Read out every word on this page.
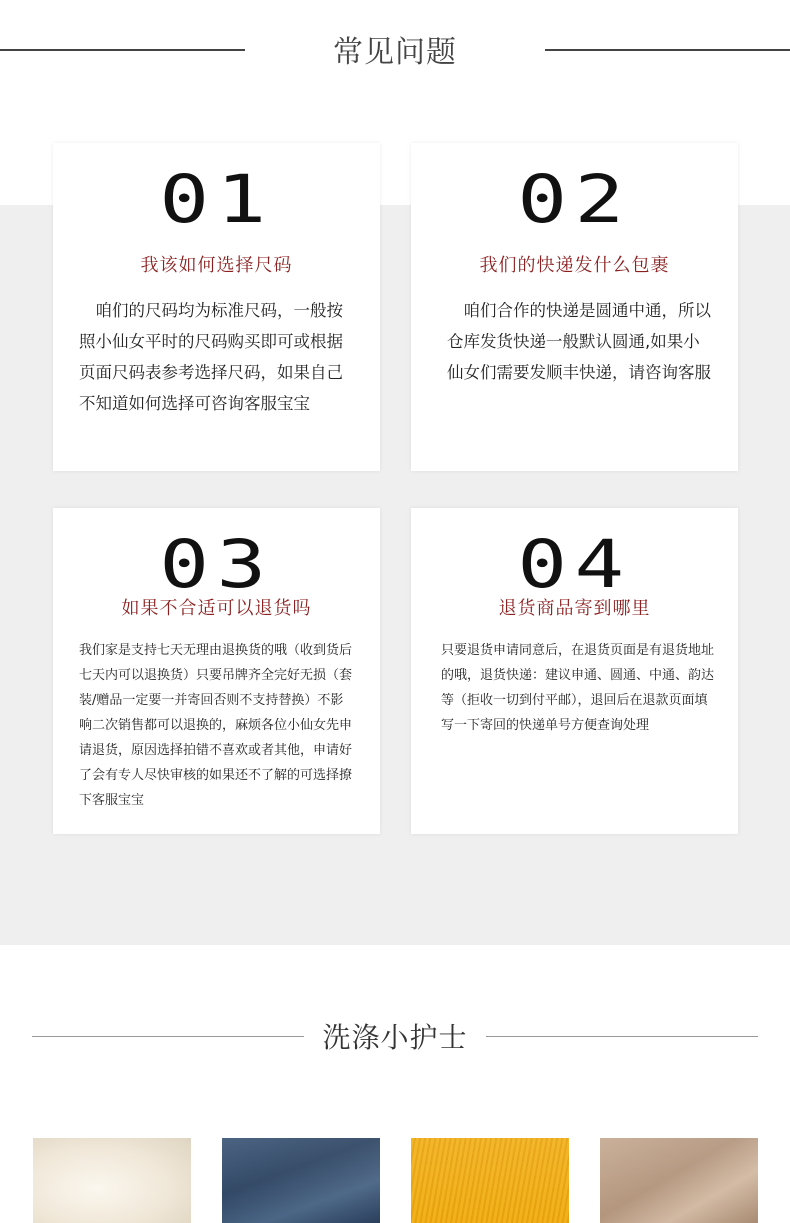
常见问题
01
我该如何选择尺码
咱们的尺码均为标准尺码，一般按照小仙女平时的尺码购买即可或根据页面尺码表参考选择尺码，如果自己不知道如何选择可咨询客服宝宝
02
我们的快递发什么包裹
咱们合作的快递是圆通中通，所以仓库发货快递一般默认圆通,如果小仙女们需要发顺丰快递，请咨询客服
03
如果不合适可以退货吗
我们家是支持七天无理由退换货的哦（收到货后七天内可以退换货）只要吊牌齐全完好无损（套装/赠品一定要一并寄回否则不支持替换）不影响二次销售都可以退换的，麻烦各位小仙女先申请退货，原因选择拍错不喜欢或者其他，申请好了会有专人尽快审核的如果还不了解的可选择撩下客服宝宝
04
退货商品寄到哪里
只要退货申请同意后，在退货页面是有退货地址的哦，退货快递：建议申通、圆通、中通、韵达等（拒收一切到付平邮），退回后在退款页面填写一下寄回的快递单号方便查询处理
洗涤小护士
